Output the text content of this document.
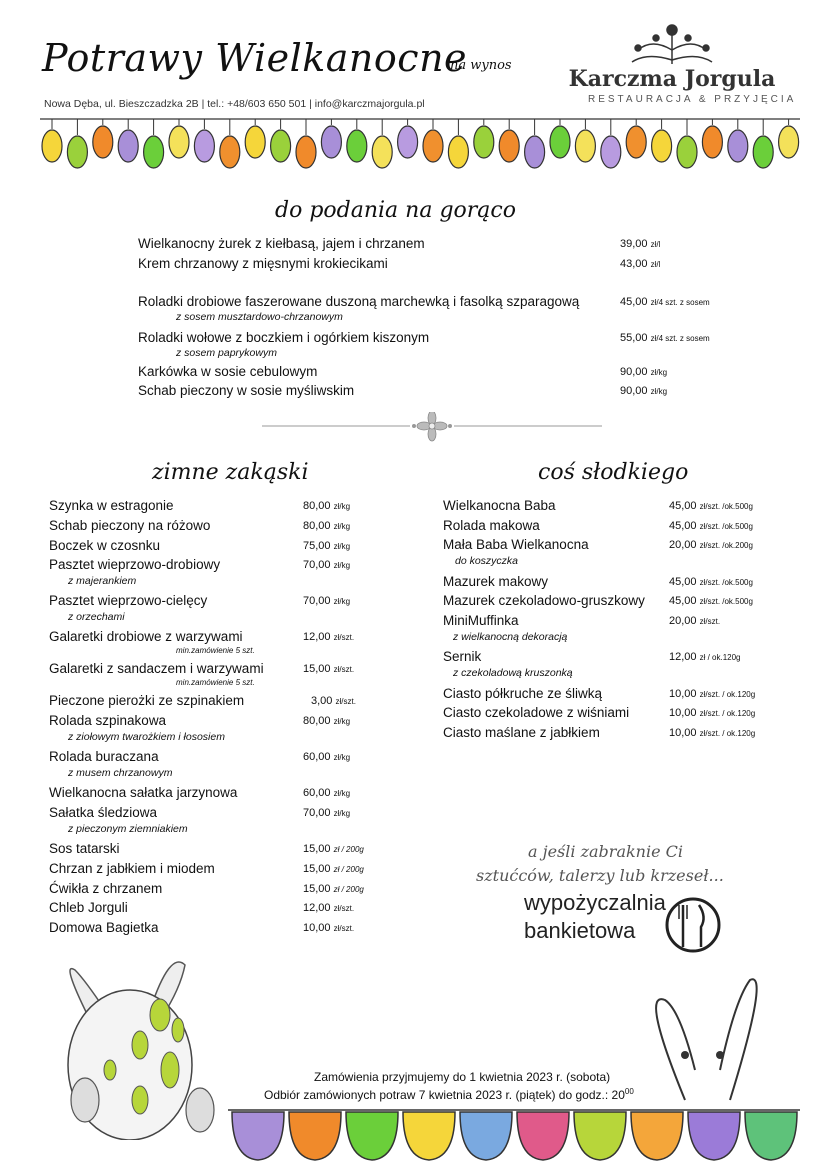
Potrawy Wielkanocne
na wynos
Nowa Dęba, ul. Bieszczadzka 2B | tel.: +48/603 650 501 | info@karczmajorgula.pl
Karczma Jorgula
RESTAURACJA & PRZYJĘCIA
do podania na gorąco
Wielkanocny żurek z kiełbasą, jajem i chrzanem	39,00 zł/l
Krem chrzanowy z mięsnymi krokiecikami	43,00 zł/l
Roladki drobiowe faszerowane duszoną marchewką i fasolką szparagową	45,00 zł/4 szt. z sosem
z sosem musztardowo-chrzanowym
Roladki wołowe z boczkiem i ogórkiem kiszonym	55,00 zł/4 szt. z sosem
z sosem paprykowym
Karkówka w sosie cebulowym	90,00 zł/kg
Schab pieczony w sosie myśliwskim	90,00 zł/kg
zimne zakąski
Szynka w estragonie	80,00 zł/kg
Schab pieczony na różowo	80,00 zł/kg
Boczek w czosnku	75,00 zł/kg
Pasztet wieprzowo-drobiowy	70,00 zł/kg
z majerankiem
Pasztet wieprzowo-cielęcy	70,00 zł/kg
z orzechami
Galaretki drobiowe z warzywami	12,00 zł/szt.
min.zamówienie 5 szt.
Galaretki z sandaczem i warzywami	15,00 zł/szt.
min.zamówienie 5 szt.
Pieczone pierożki ze szpinakiem	3,00 zł/szt.
Rolada szpinakowa	80,00 zł/kg
z ziołowym twarożkiem i łososiem
Rolada buraczana	60,00 zł/kg
z musem chrzanowym
Wielkanocna sałatka jarzynowa	60,00 zł/kg
Sałatka śledziowa	70,00 zł/kg
z pieczonym ziemniakiem
Sos tatarski	15,00 zł / 200g
Chrzan z jabłkiem i miodem	15,00 zł / 200g
Ćwikła z chrzanem	15,00 zł / 200g
Chleb Jorguli	12,00 zł/szt.
Domowa Bagietka	10,00 zł/szt.
coś słodkiego
Wielkanocna Baba	45,00 zł/szt. /ok.500g
Rolada makowa	45,00 zł/szt. /ok.500g
Mała Baba Wielkanocna	20,00 zł/szt. /ok.200g
do koszyczka
Mazurek makowy	45,00 zł/szt. /ok.500g
Mazurek czekoladowo-gruszkowy 45,00 zł/szt. /ok.500g
MiniMuffinka	20,00 zł/szt.
z wielkanocną dekoracją
Sernik	12,00 zł / ok.120g
z czekoladową kruszonką
Ciasto półkruche ze śliwką	10,00 zł/szt. / ok.120g
Ciasto czekoladowe z wiśniami	10,00 zł/szt. / ok.120g
Ciasto maślane z jabłkiem	10,00 zł/szt. / ok.120g
a jeśli zabraknie Ci
sztućców, talerzy lub krzeseł...
wypożyczalnia
bankietowa
Zamówienia przyjmujemy do 1 kwietnia 2023 r. (sobota)
Odbiór zamówionych potraw 7 kwietnia 2023 r. (piątek) do godz.: $20^{00}$
